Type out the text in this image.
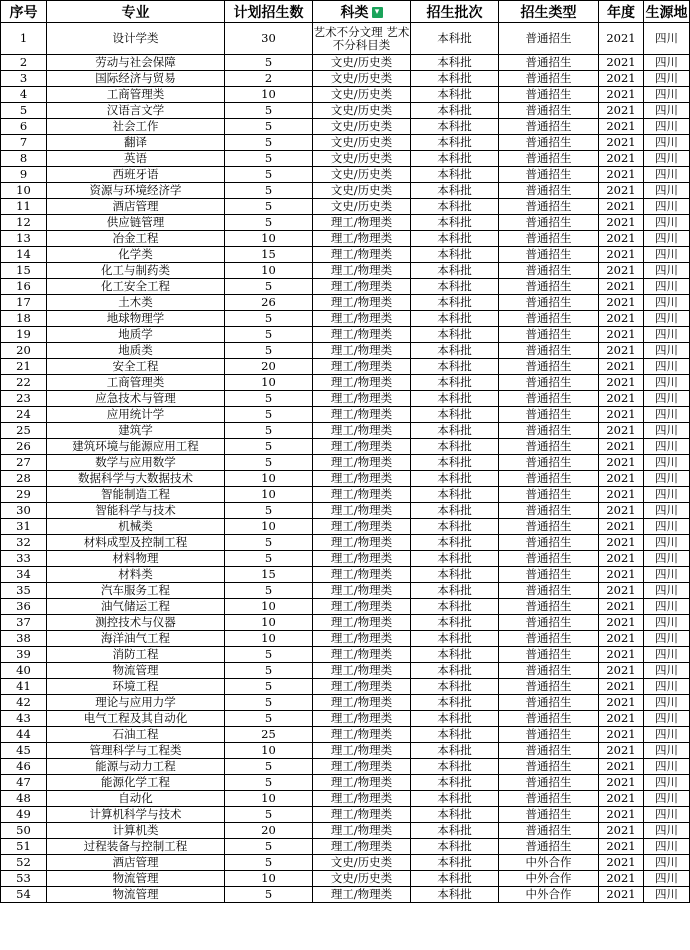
序号	专业	计划招生数	科类 ▾	招生批次	招生类型	年度	生源地
1	设计学类	30	艺术不分文理 艺术不分科目类	本科批	普通招生	2021	四川
2	劳动与社会保障	5	文史/历史类	本科批	普通招生	2021	四川
3	国际经济与贸易	2	文史/历史类	本科批	普通招生	2021	四川
4	工商管理类	10	文史/历史类	本科批	普通招生	2021	四川
5	汉语言文学	5	文史/历史类	本科批	普通招生	2021	四川
6	社会工作	5	文史/历史类	本科批	普通招生	2021	四川
7	翻译	5	文史/历史类	本科批	普通招生	2021	四川
8	英语	5	文史/历史类	本科批	普通招生	2021	四川
9	西班牙语	5	文史/历史类	本科批	普通招生	2021	四川
10	资源与环境经济学	5	文史/历史类	本科批	普通招生	2021	四川
11	酒店管理	5	文史/历史类	本科批	普通招生	2021	四川
12	供应链管理	5	理工/物理类	本科批	普通招生	2021	四川
13	冶金工程	10	理工/物理类	本科批	普通招生	2021	四川
14	化学类	15	理工/物理类	本科批	普通招生	2021	四川
15	化工与制药类	10	理工/物理类	本科批	普通招生	2021	四川
16	化工安全工程	5	理工/物理类	本科批	普通招生	2021	四川
17	土木类	26	理工/物理类	本科批	普通招生	2021	四川
18	地球物理学	5	理工/物理类	本科批	普通招生	2021	四川
19	地质学	5	理工/物理类	本科批	普通招生	2021	四川
20	地质类	5	理工/物理类	本科批	普通招生	2021	四川
21	安全工程	20	理工/物理类	本科批	普通招生	2021	四川
22	工商管理类	10	理工/物理类	本科批	普通招生	2021	四川
23	应急技术与管理	5	理工/物理类	本科批	普通招生	2021	四川
24	应用统计学	5	理工/物理类	本科批	普通招生	2021	四川
25	建筑学	5	理工/物理类	本科批	普通招生	2021	四川
26	建筑环境与能源应用工程	5	理工/物理类	本科批	普通招生	2021	四川
27	数学与应用数学	5	理工/物理类	本科批	普通招生	2021	四川
28	数据科学与大数据技术	10	理工/物理类	本科批	普通招生	2021	四川
29	智能制造工程	10	理工/物理类	本科批	普通招生	2021	四川
30	智能科学与技术	5	理工/物理类	本科批	普通招生	2021	四川
31	机械类	10	理工/物理类	本科批	普通招生	2021	四川
32	材料成型及控制工程	5	理工/物理类	本科批	普通招生	2021	四川
33	材料物理	5	理工/物理类	本科批	普通招生	2021	四川
34	材料类	15	理工/物理类	本科批	普通招生	2021	四川
35	汽车服务工程	5	理工/物理类	本科批	普通招生	2021	四川
36	油气储运工程	10	理工/物理类	本科批	普通招生	2021	四川
37	测控技术与仪器	10	理工/物理类	本科批	普通招生	2021	四川
38	海洋油气工程	10	理工/物理类	本科批	普通招生	2021	四川
39	消防工程	5	理工/物理类	本科批	普通招生	2021	四川
40	物流管理	5	理工/物理类	本科批	普通招生	2021	四川
41	环境工程	5	理工/物理类	本科批	普通招生	2021	四川
42	理论与应用力学	5	理工/物理类	本科批	普通招生	2021	四川
43	电气工程及其自动化	5	理工/物理类	本科批	普通招生	2021	四川
44	石油工程	25	理工/物理类	本科批	普通招生	2021	四川
45	管理科学与工程类	10	理工/物理类	本科批	普通招生	2021	四川
46	能源与动力工程	5	理工/物理类	本科批	普通招生	2021	四川
47	能源化学工程	5	理工/物理类	本科批	普通招生	2021	四川
48	自动化	10	理工/物理类	本科批	普通招生	2021	四川
49	计算机科学与技术	5	理工/物理类	本科批	普通招生	2021	四川
50	计算机类	20	理工/物理类	本科批	普通招生	2021	四川
51	过程装备与控制工程	5	理工/物理类	本科批	普通招生	2021	四川
52	酒店管理	5	文史/历史类	本科批	中外合作	2021	四川
53	物流管理	10	文史/历史类	本科批	中外合作	2021	四川
54	物流管理	5	理工/物理类	本科批	中外合作	2021	四川
